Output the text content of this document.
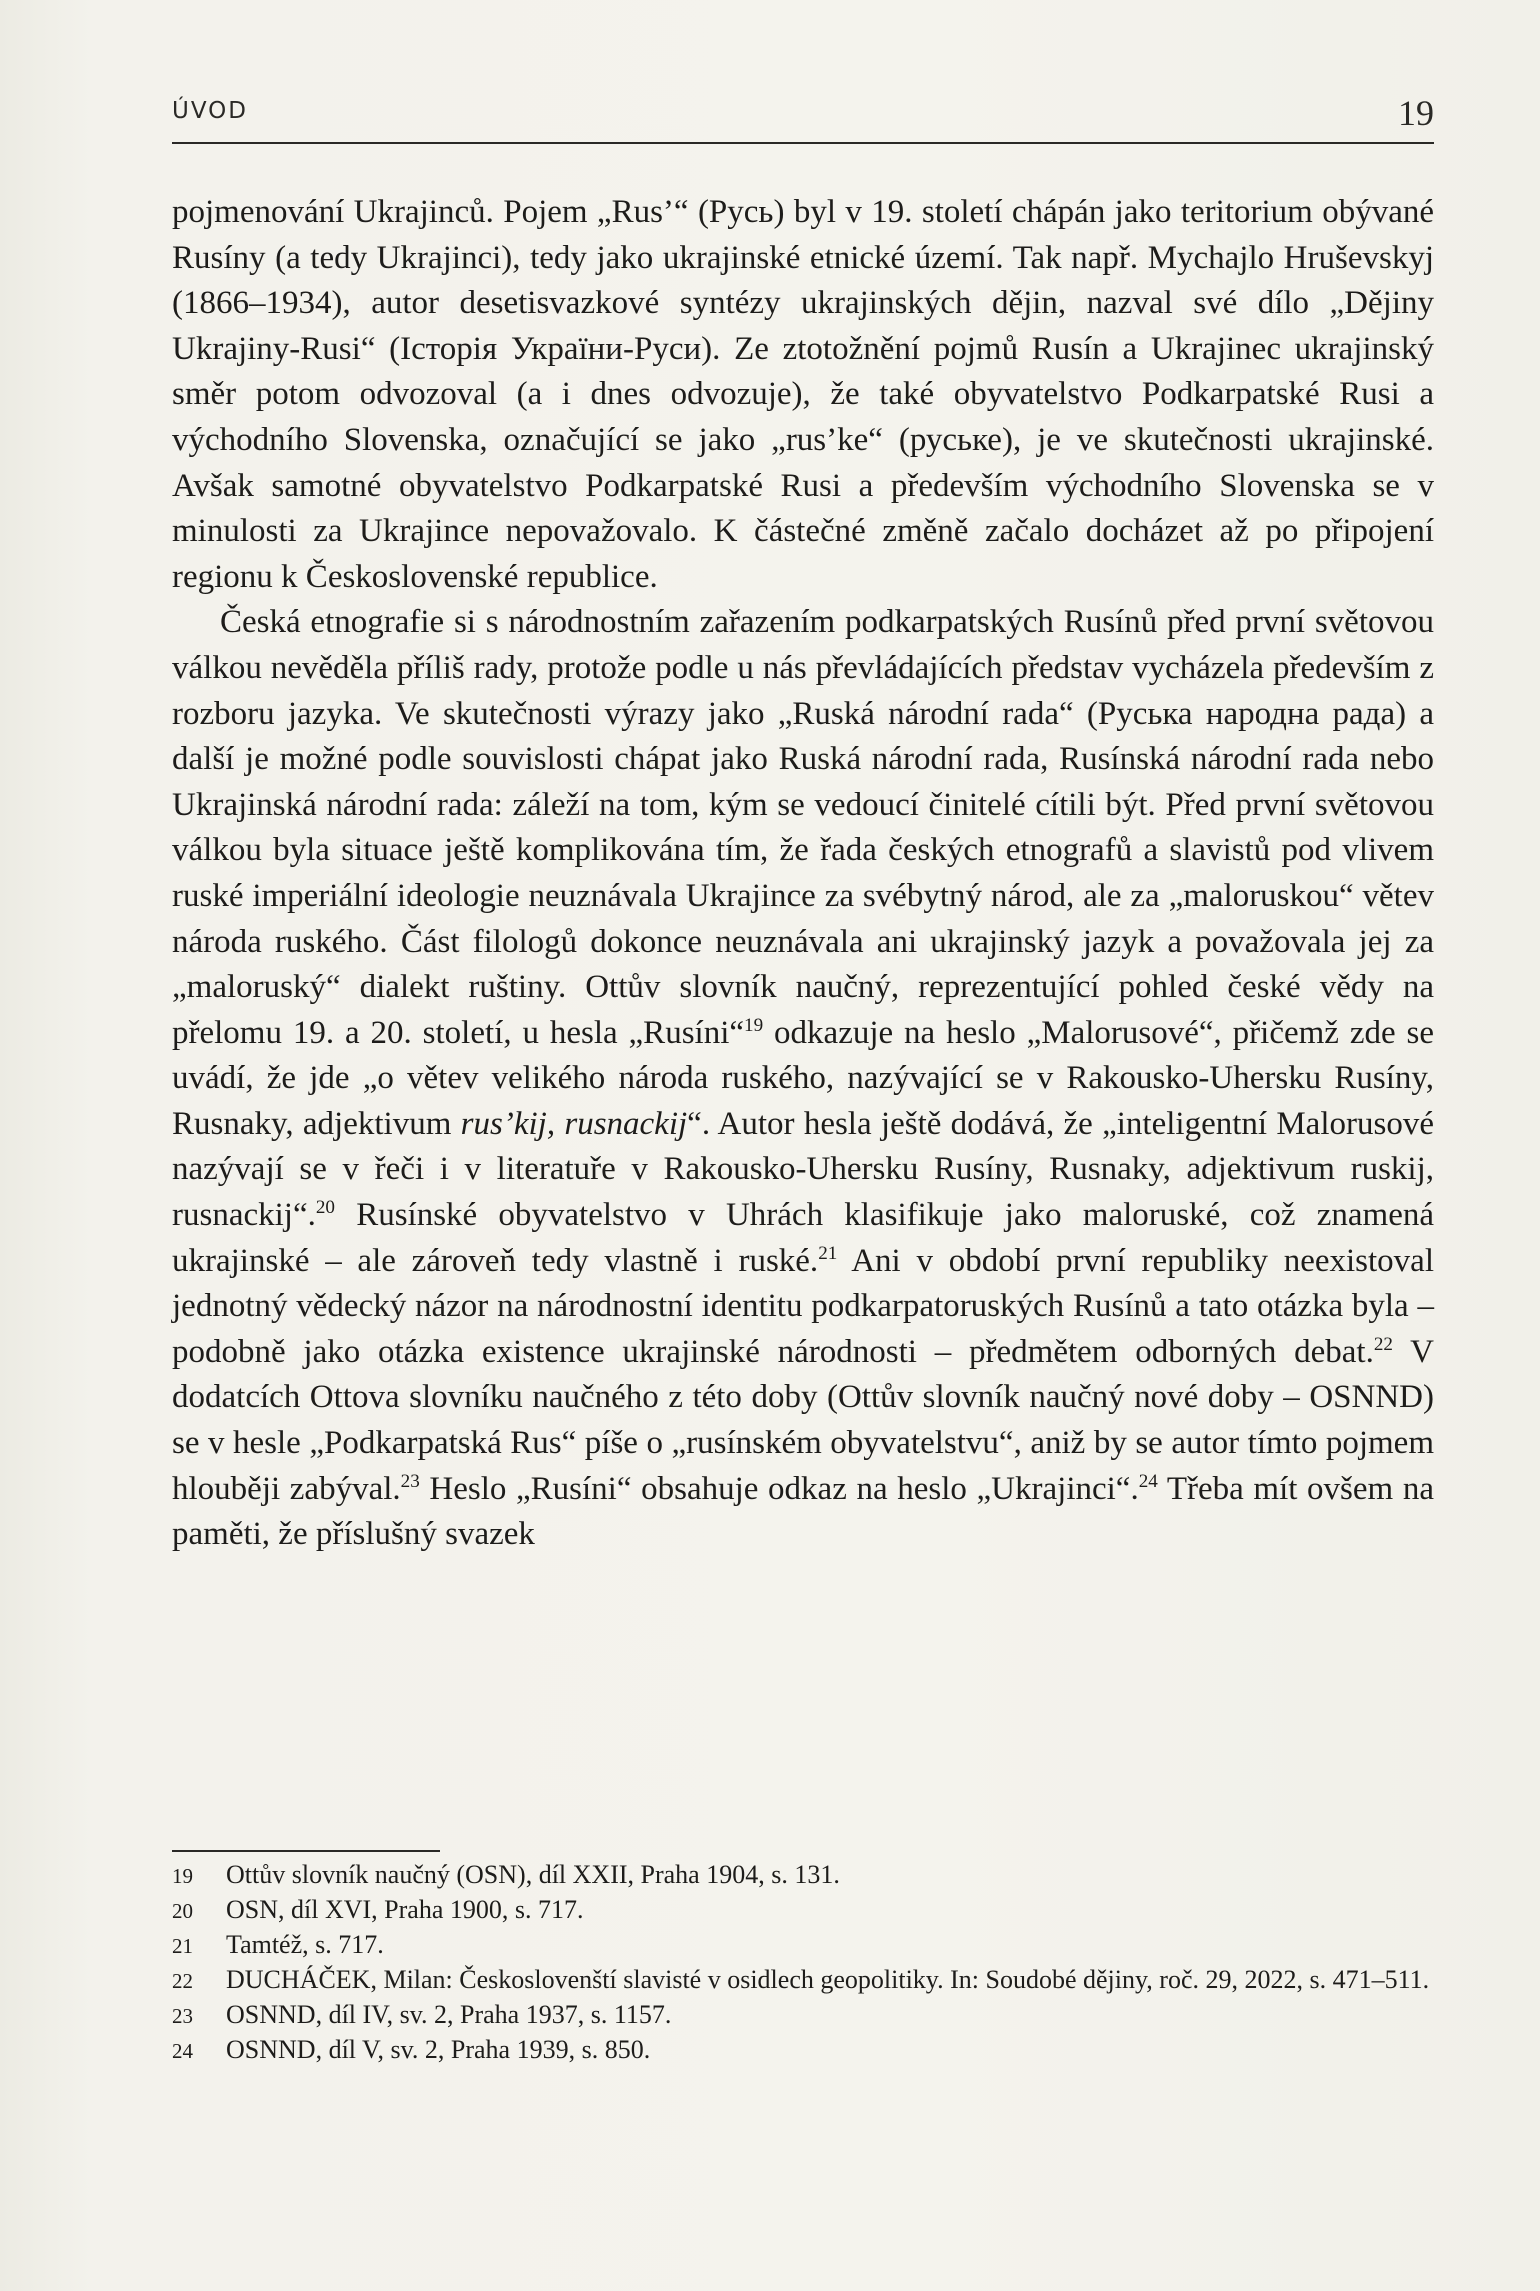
ÚVOD	19

pojmenování Ukrajinců. Pojem „Rus’“ (Русь) byl v 19. století chápán jako teritorium obývané Rusíny (a tedy Ukrajinci), tedy jako ukrajinské etnické území. Tak např. Mychajlo Hruševskyj (1866–1934), autor desetisvazkové syntézy ukrajinských dějin, nazval své dílo „Dějiny Ukrajiny-Rusi“ (Історія України-Руси). Ze ztotožnění pojmů Rusín a Ukrajinec ukrajinský směr potom odvozoval (a i dnes odvozuje), že také obyvatelstvo Podkarpatské Rusi a východního Slovenska, označující se jako „rus’ke“ (руське), je ve skutečnosti ukrajinské. Avšak samotné obyvatelstvo Podkarpatské Rusi a především východního Slovenska se v minulosti za Ukrajince nepovažovalo. K částečné změně začalo docházet až po připojení regionu k Československé republice.

Česká etnografie si s národnostním zařazením podkarpatských Rusínů před první světovou válkou nevěděla příliš rady, protože podle u nás převládajících představ vycházela především z rozboru jazyka. Ve skutečnosti výrazy jako „Ruská národní rada“ (Руська народна рада) a další je možné podle souvislosti chápat jako Ruská národní rada, Rusínská národní rada nebo Ukrajinská národní rada: záleží na tom, kým se vedoucí činitelé cítili být. Před první světovou válkou byla situace ještě komplikována tím, že řada českých etnografů a slavistů pod vlivem ruské imperiální ideologie neuznávala Ukrajince za svébytný národ, ale za „maloruskou“ větev národa ruského. Část filologů dokonce neuznávala ani ukrajinský jazyk a považovala jej za „maloruský“ dialekt ruštiny. Ottův slovník naučný, reprezentující pohled české vědy na přelomu 19. a 20. století, u hesla „Rusíni“$^{19}$ odkazuje na heslo „Malorusové“, přičemž zde se uvádí, že jde „o větev velikého národa ruského, nazývající se v Rakousko-Uhersku Rusíny, Rusnaky, adjektivum rus’kij, rusnackij“. Autor hesla ještě dodává, že „inteligentní Malorusové nazývají se v řeči i v literatuře v Rakousko-Uhersku Rusíny, Rusnaky, adjektivum ruskij, rusnackij“.$^{20}$ Rusínské obyvatelstvo v Uhrách klasifikuje jako maloruské, což znamená ukrajinské – ale zároveň tedy vlastně i ruské.$^{21}$ Ani v období první republiky neexistoval jednotný vědecký názor na národnostní identitu podkarpatoruských Rusínů a tato otázka byla – podobně jako otázka existence ukrajinské národnosti – předmětem odborných debat.$^{22}$ V dodatcích Ottova slovníku naučného z této doby (Ottův slovník naučný nové doby – OSNND) se v hesle „Podkarpatská Rus“ píše o „rusínském obyvatelstvu“, aniž by se autor tímto pojmem hlouběji zabýval.$^{23}$ Heslo „Rusíni“ obsahuje odkaz na heslo „Ukrajinci“.$^{24}$ Třeba mít ovšem na paměti, že příslušný svazek

19	Ottův slovník naučný (OSN), díl XXII, Praha 1904, s. 131.

20	OSN, díl XVI, Praha 1900, s. 717.

21	Tamtéž, s. 717.

22 DUCHÁČEK, Milan: Českoslovenští slavisté v osidlech geopolitiky. In: Soudobé dějiny, roč. 29, 2022, s. 471–511.

23	OSNND, díl IV, sv. 2, Praha 1937, s. 1157.

24	OSNND, díl V, sv. 2, Praha 1939, s. 850.
